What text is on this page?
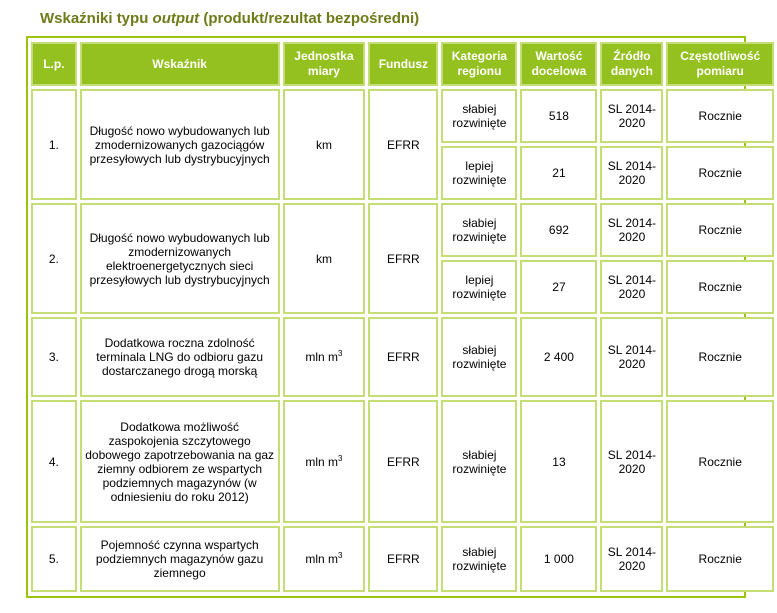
Wskaźniki typu output (produkt/rezultat bezpośredni)
L.p.	Wskaźnik	Jednostka miary	Fundusz	Kategoria regionu	Wartość docelowa	Źródło danych	Częstotliwość pomiaru
1.	Długość nowo wybudowanych lub zmodernizowanych gazociągów przesyłowych lub dystrybucyjnych	km	EFRR	słabiej rozwinięte	518	SL 2014-2020	Rocznie
				lepiej rozwinięte	21	SL 2014-2020	Rocznie
2.	Długość nowo wybudowanych lub zmodernizowanych elektroenergetycznych sieci przesyłowych lub dystrybucyjnych	km	EFRR	słabiej rozwinięte	692	SL 2014-2020	Rocznie
				lepiej rozwinięte	27	SL 2014-2020	Rocznie
3.	Dodatkowa roczna zdolność terminala LNG do odbioru gazu dostarczanego drogą morską	mln $m^3$	EFRR	słabiej rozwinięte	2 400	SL 2014-2020	Rocznie
4.	Dodatkowa możliwość zaspokojenia szczytowego dobowego zapotrzebowania na gaz ziemny odbiorem ze wspartych podziemnych magazynów (w odniesieniu do roku 2012)	mln $m^3$	EFRR	słabiej rozwinięte	13	SL 2014-2020	Rocznie
5.	Pojemność czynna wspartych podziemnych magazynów gazu ziemnego	mln $m^3$	EFRR	słabiej rozwinięte	1 000	SL 2014-2020	Rocznie
